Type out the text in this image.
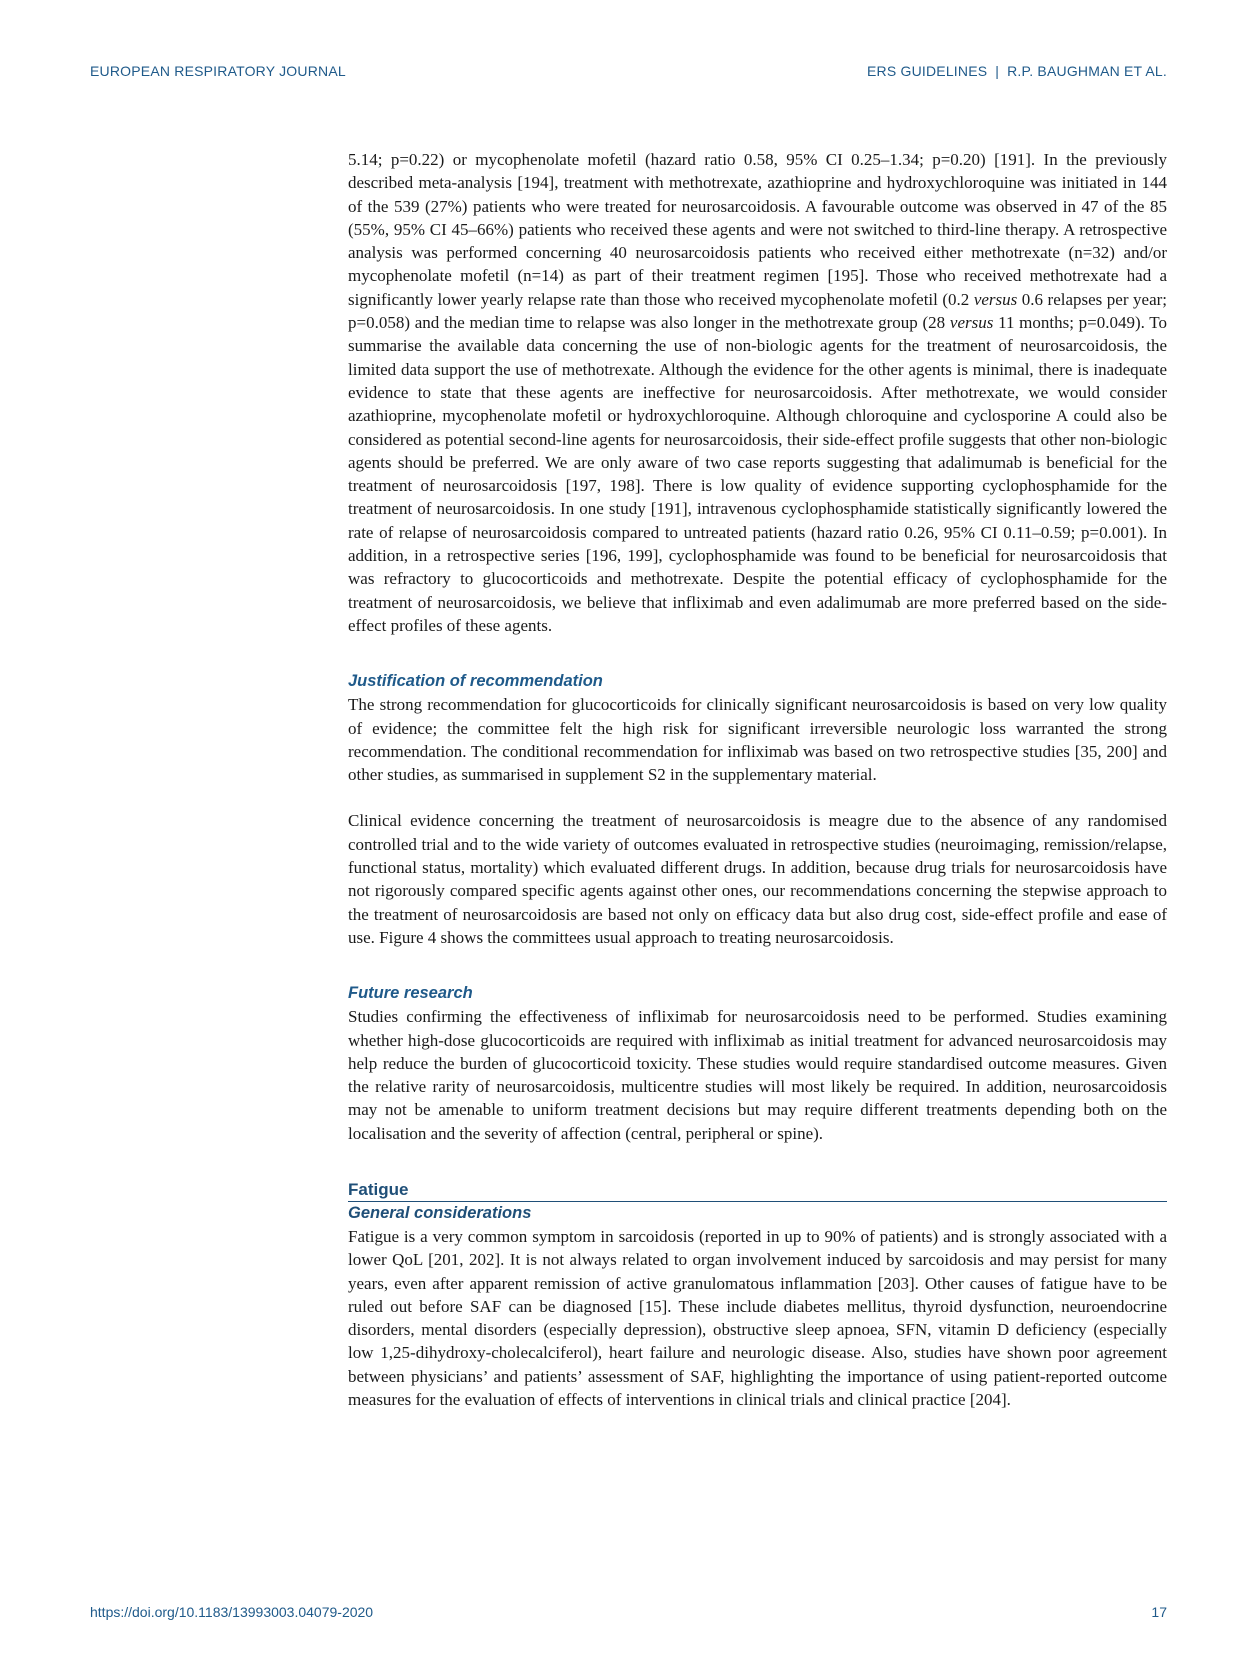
EUROPEAN RESPIRATORY JOURNAL	ERS GUIDELINES | R.P. BAUGHMAN ET AL.

5.14; p=0.22) or mycophenolate mofetil (hazard ratio 0.58, 95% CI 0.25–1.34; p=0.20) [191]. In the previously described meta-analysis [194], treatment with methotrexate, azathioprine and hydroxychloroquine was initiated in 144 of the 539 (27%) patients who were treated for neurosarcoidosis. A favourable outcome was observed in 47 of the 85 (55%, 95% CI 45–66%) patients who received these agents and were not switched to third-line therapy. A retrospective analysis was performed concerning 40 neurosarcoidosis patients who received either methotrexate (n=32) and/or mycophenolate mofetil (n=14) as part of their treatment regimen [195]. Those who received methotrexate had a significantly lower yearly relapse rate than those who received mycophenolate mofetil (0.2 versus 0.6 relapses per year; p=0.058) and the median time to relapse was also longer in the methotrexate group (28 versus 11 months; p=0.049). To summarise the available data concerning the use of non-biologic agents for the treatment of neurosarcoidosis, the limited data support the use of methotrexate. Although the evidence for the other agents is minimal, there is inadequate evidence to state that these agents are ineffective for neurosarcoidosis. After methotrexate, we would consider azathioprine, mycophenolate mofetil or hydroxychloroquine. Although chloroquine and cyclosporine A could also be considered as potential second-line agents for neurosarcoidosis, their side-effect profile suggests that other non-biologic agents should be preferred. We are only aware of two case reports suggesting that adalimumab is beneficial for the treatment of neurosarcoidosis [197, 198]. There is low quality of evidence supporting cyclophosphamide for the treatment of neurosarcoidosis. In one study [191], intravenous cyclophosphamide statistically significantly lowered the rate of relapse of neurosarcoidosis compared to untreated patients (hazard ratio 0.26, 95% CI 0.11–0.59; p=0.001). In addition, in a retrospective series [196, 199], cyclophosphamide was found to be beneficial for neurosarcoidosis that was refractory to glucocorticoids and methotrexate. Despite the potential efficacy of cyclophosphamide for the treatment of neurosarcoidosis, we believe that infliximab and even adalimumab are more preferred based on the side-effect profiles of these agents.

Justification of recommendation

The strong recommendation for glucocorticoids for clinically significant neurosarcoidosis is based on very low quality of evidence; the committee felt the high risk for significant irreversible neurologic loss warranted the strong recommendation. The conditional recommendation for infliximab was based on two retrospective studies [35, 200] and other studies, as summarised in supplement S2 in the supplementary material.

Clinical evidence concerning the treatment of neurosarcoidosis is meagre due to the absence of any randomised controlled trial and to the wide variety of outcomes evaluated in retrospective studies (neuroimaging, remission/relapse, functional status, mortality) which evaluated different drugs. In addition, because drug trials for neurosarcoidosis have not rigorously compared specific agents against other ones, our recommendations concerning the stepwise approach to the treatment of neurosarcoidosis are based not only on efficacy data but also drug cost, side-effect profile and ease of use. Figure 4 shows the committees usual approach to treating neurosarcoidosis.

Future research

Studies confirming the effectiveness of infliximab for neurosarcoidosis need to be performed. Studies examining whether high-dose glucocorticoids are required with infliximab as initial treatment for advanced neurosarcoidosis may help reduce the burden of glucocorticoid toxicity. These studies would require standardised outcome measures. Given the relative rarity of neurosarcoidosis, multicentre studies will most likely be required. In addition, neurosarcoidosis may not be amenable to uniform treatment decisions but may require different treatments depending both on the localisation and the severity of affection (central, peripheral or spine).

Fatigue
General considerations

Fatigue is a very common symptom in sarcoidosis (reported in up to 90% of patients) and is strongly associated with a lower QoL [201, 202]. It is not always related to organ involvement induced by sarcoidosis and may persist for many years, even after apparent remission of active granulomatous inflammation [203]. Other causes of fatigue have to be ruled out before SAF can be diagnosed [15]. These include diabetes mellitus, thyroid dysfunction, neuroendocrine disorders, mental disorders (especially depression), obstructive sleep apnoea, SFN, vitamin D deficiency (especially low 1,25-dihydroxy-cholecalciferol), heart failure and neurologic disease. Also, studies have shown poor agreement between physicians’ and patients’ assessment of SAF, highlighting the importance of using patient-reported outcome measures for the evaluation of effects of interventions in clinical trials and clinical practice [204].

https://doi.org/10.1183/13993003.04079-2020	17
